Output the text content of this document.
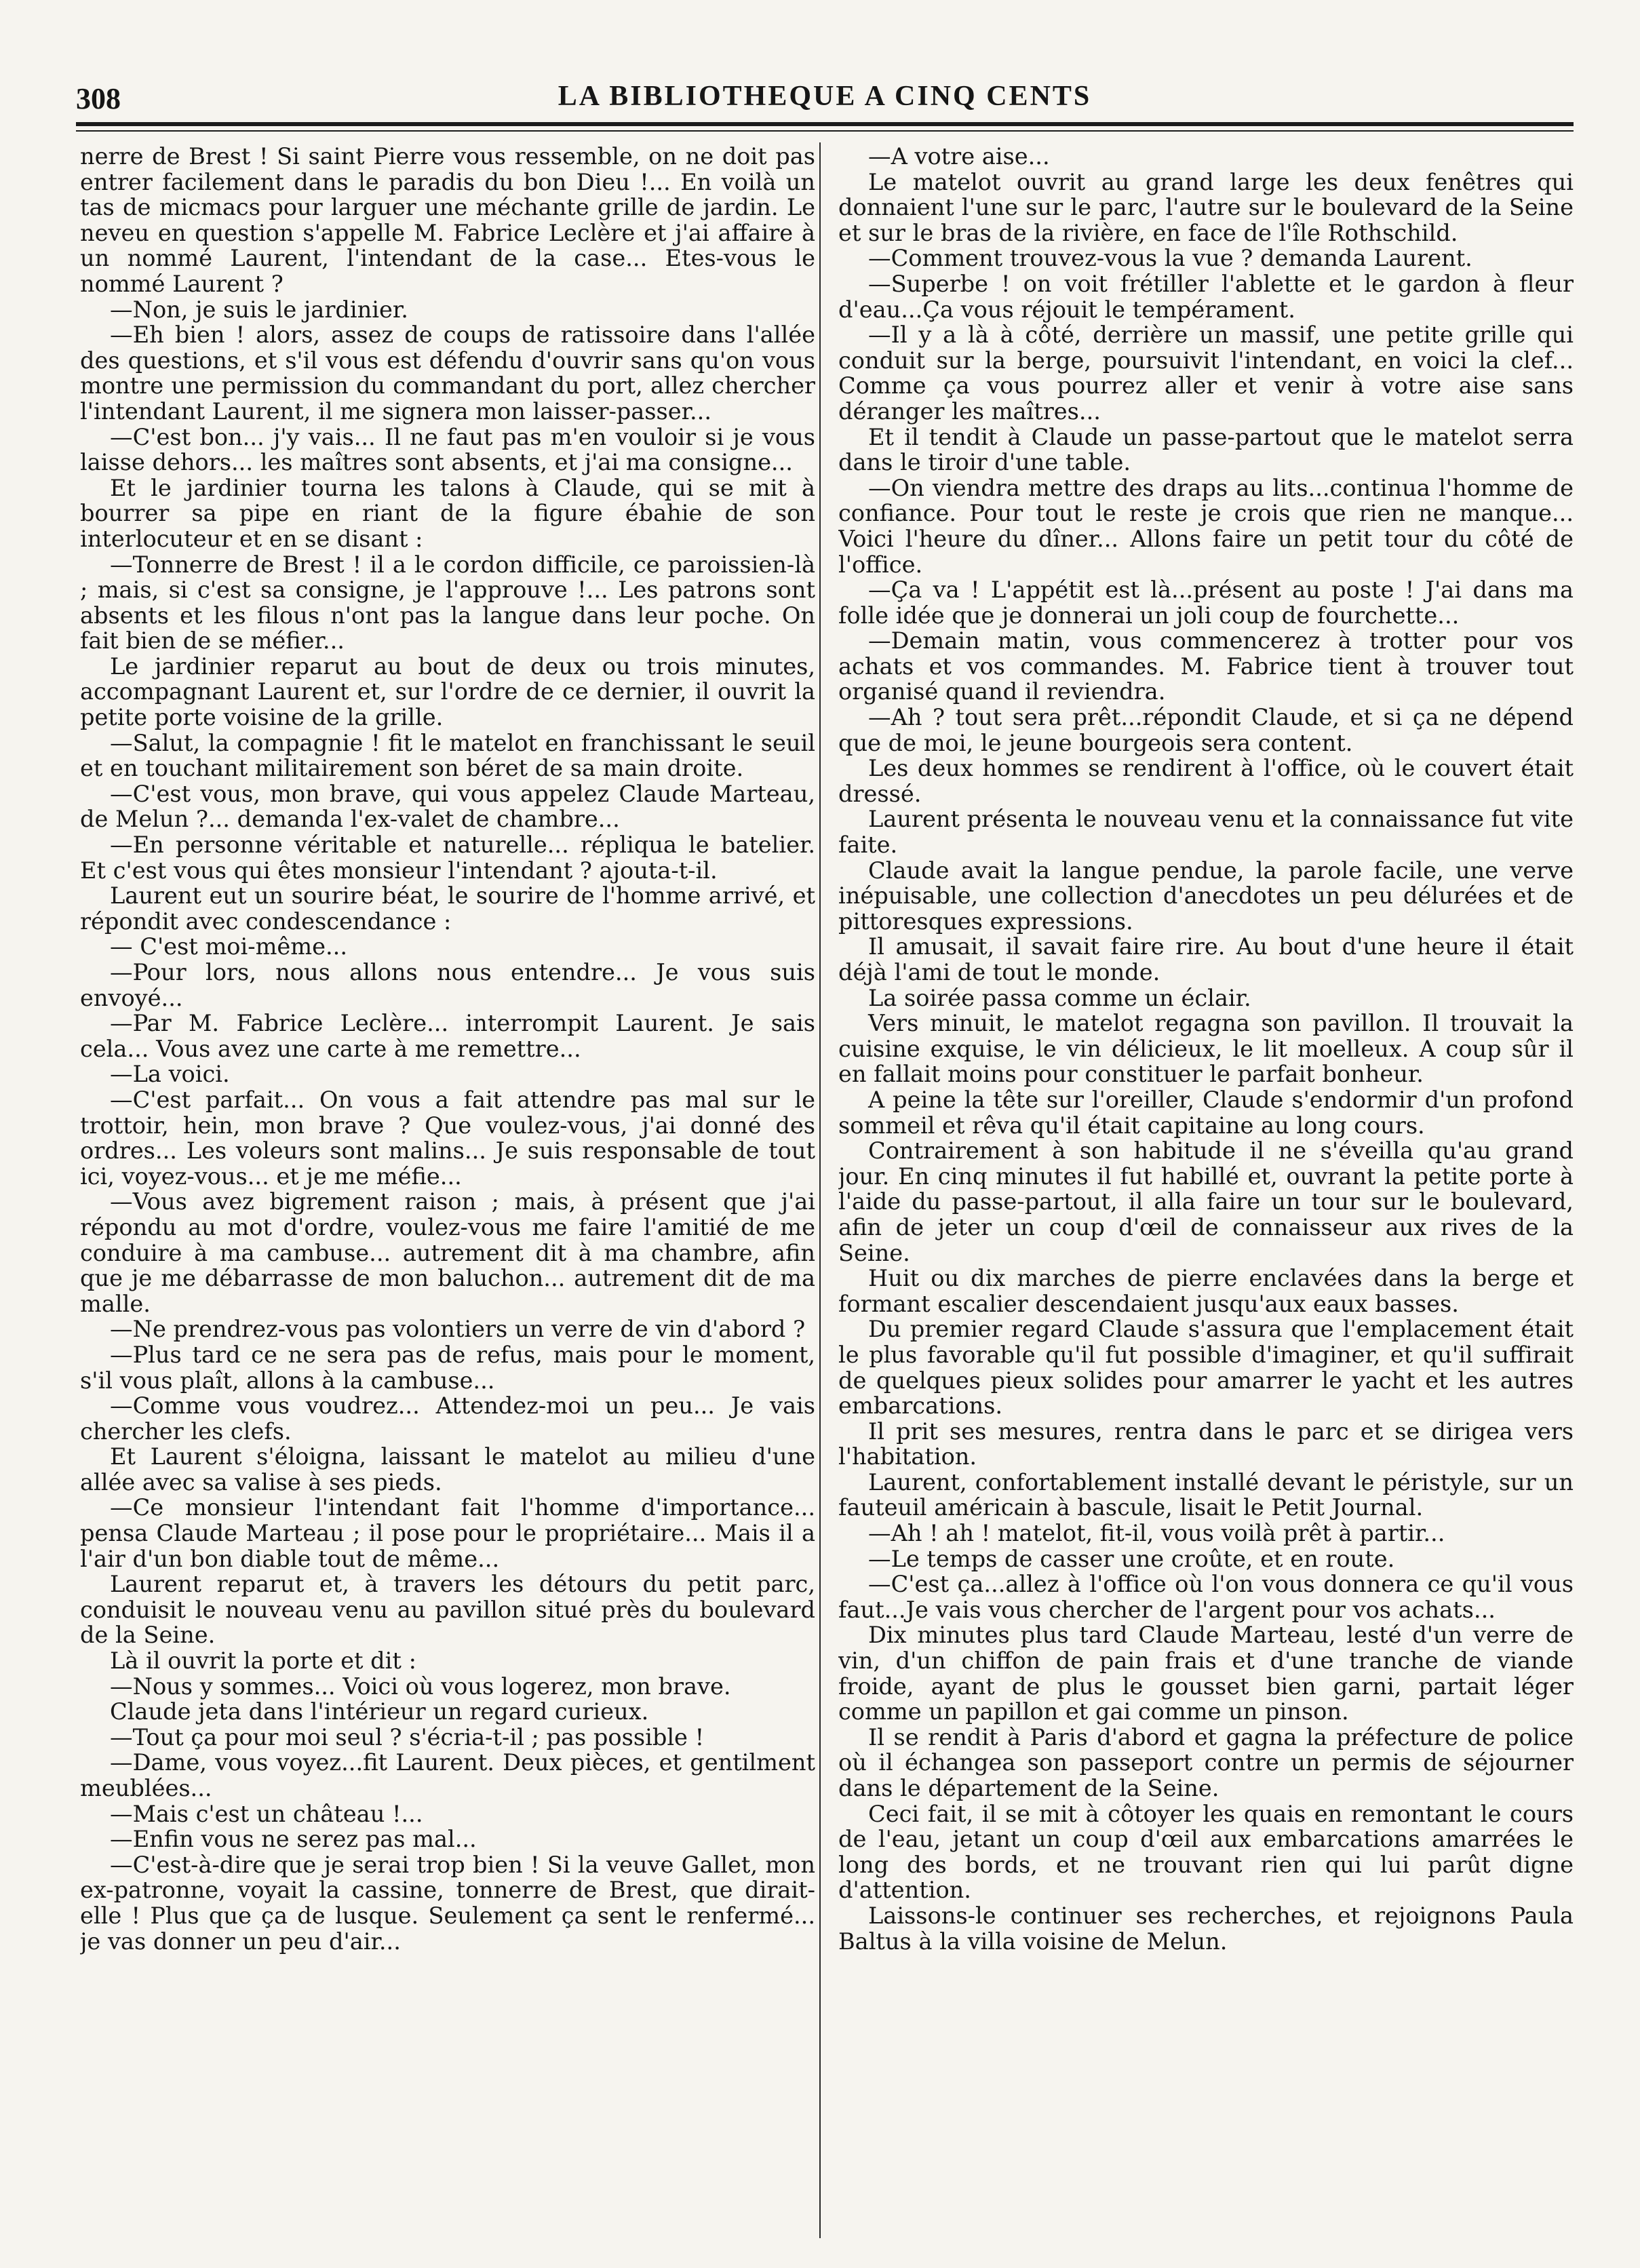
308	LA BIBLIOTHEQUE A CINQ CENTS

nerre de Brest ! Si saint Pierre vous ressemble, on ne doit pas entrer facilement dans le paradis du bon Dieu !... En voilà un tas de micmacs pour larguer une méchante grille de jardin. Le neveu en question s'appelle M. Fabrice Leclère et j'ai affaire à un nommé Laurent, l'intendant de la case... Etes-vous le nommé Laurent ?

—Non, je suis le jardinier.

—Eh bien ! alors, assez de coups de ratissoire dans l'allée des questions, et s'il vous est défendu d'ouvrir sans qu'on vous montre une permission du commandant du port, allez chercher l'intendant Laurent, il me signera mon laisser-passer...

—C'est bon... j'y vais... Il ne faut pas m'en vouloir si je vous laisse dehors... les maîtres sont absents, et j'ai ma consigne...

Et le jardinier tourna les talons à Claude, qui se mit à bourrer sa pipe en riant de la figure ébahie de son interlocuteur et en se disant :

—Tonnerre de Brest ! il a le cordon difficile, ce paroissien-là ; mais, si c'est sa consigne, je l'approuve !... Les patrons sont absents et les filous n'ont pas la langue dans leur poche. On fait bien de se méfier...

Le jardinier reparut au bout de deux ou trois minutes, accompagnant Laurent et, sur l'ordre de ce dernier, il ouvrit la petite porte voisine de la grille.

—Salut, la compagnie ! fit le matelot en franchissant le seuil et en touchant militairement son béret de sa main droite.

—C'est vous, mon brave, qui vous appelez Claude Marteau, de Melun ?... demanda l'ex-valet de chambre...

—En personne véritable et naturelle... répliqua le batelier. Et c'est vous qui êtes monsieur l'intendant ? ajouta-t-il.

Laurent eut un sourire béat, le sourire de l'homme arrivé, et répondit avec condescendance :

— C'est moi-même...

—Pour lors, nous allons nous entendre... Je vous suis envoyé...

—Par M. Fabrice Leclère... interrompit Laurent. Je sais cela... Vous avez une carte à me remettre...

—La voici.

—C'est parfait... On vous a fait attendre pas mal sur le trottoir, hein, mon brave ? Que voulez-vous, j'ai donné des ordres... Les voleurs sont malins... Je suis responsable de tout ici, voyez-vous... et je me méfie...

—Vous avez bigrement raison ; mais, à présent que j'ai répondu au mot d'ordre, voulez-vous me faire l'amitié de me conduire à ma cambuse... autrement dit à ma chambre, afin que je me débarrasse de mon baluchon... autrement dit de ma malle.

—Ne prendrez-vous pas volontiers un verre de vin d'abord ?

—Plus tard ce ne sera pas de refus, mais pour le moment, s'il vous plaît, allons à la cambuse...

—Comme vous voudrez... Attendez-moi un peu... Je vais chercher les clefs.

Et Laurent s'éloigna, laissant le matelot au milieu d'une allée avec sa valise à ses pieds.

—Ce monsieur l'intendant fait l'homme d'importance... pensa Claude Marteau ; il pose pour le propriétaire... Mais il a l'air d'un bon diable tout de même...

Laurent reparut et, à travers les détours du petit parc, conduisit le nouveau venu au pavillon situé près du boulevard de la Seine.

Là il ouvrit la porte et dit :

—Nous y sommes... Voici où vous logerez, mon brave.

Claude jeta dans l'intérieur un regard curieux.

—Tout ça pour moi seul ? s'écria-t-il ; pas possible !

—Dame, vous voyez...fit Laurent. Deux pièces, et gentilment meublées...

—Mais c'est un château !...

—Enfin vous ne serez pas mal...

—C'est-à-dire que je serai trop bien ! Si la veuve Gallet, mon ex-patronne, voyait la cassine, tonnerre de Brest, que dirait-elle ! Plus que ça de lusque. Seulement ça sent le renfermé... je vas donner un peu d'air...

—A votre aise...

Le matelot ouvrit au grand large les deux fenêtres qui donnaient l'une sur le parc, l'autre sur le boulevard de la Seine et sur le bras de la rivière, en face de l'île Rothschild.

—Comment trouvez-vous la vue ? demanda Laurent.

—Superbe ! on voit frétiller l'ablette et le gardon à fleur d'eau...Ça vous réjouit le tempérament.

—Il y a là à côté, derrière un massif, une petite grille qui conduit sur la berge, poursuivit l'intendant, en voici la clef... Comme ça vous pourrez aller et venir à votre aise sans déranger les maîtres...

Et il tendit à Claude un passe-partout que le matelot serra dans le tiroir d'une table.

—On viendra mettre des draps au lits...continua l'homme de confiance. Pour tout le reste je crois que rien ne manque... Voici l'heure du dîner... Allons faire un petit tour du côté de l'office.

—Ça va ! L'appétit est là...présent au poste ! J'ai dans ma folle idée que je donnerai un joli coup de fourchette...

—Demain matin, vous commencerez à trotter pour vos achats et vos commandes. M. Fabrice tient à trouver tout organisé quand il reviendra.

—Ah ? tout sera prêt...répondit Claude, et si ça ne dépend que de moi, le jeune bourgeois sera content.

Les deux hommes se rendirent à l'office, où le couvert était dressé.

Laurent présenta le nouveau venu et la connaissance fut vite faite.

Claude avait la langue pendue, la parole facile, une verve inépuisable, une collection d'anecdotes un peu délurées et de pittoresques expressions.

Il amusait, il savait faire rire. Au bout d'une heure il était déjà l'ami de tout le monde.

La soirée passa comme un éclair.

Vers minuit, le matelot regagna son pavillon. Il trouvait la cuisine exquise, le vin délicieux, le lit moelleux. A coup sûr il en fallait moins pour constituer le parfait bonheur.

A peine la tête sur l'oreiller, Claude s'endormir d'un profond sommeil et rêva qu'il était capitaine au long cours.

Contrairement à son habitude il ne s'éveilla qu'au grand jour. En cinq minutes il fut habillé et, ouvrant la petite porte à l'aide du passe-partout, il alla faire un tour sur le boulevard, afin de jeter un coup d'œil de connaisseur aux rives de la Seine.

Huit ou dix marches de pierre enclavées dans la berge et formant escalier descendaient jusqu'aux eaux basses.

Du premier regard Claude s'assura que l'emplacement était le plus favorable qu'il fut possible d'imaginer, et qu'il suffirait de quelques pieux solides pour amarrer le yacht et les autres embarcations.

Il prit ses mesures, rentra dans le parc et se dirigea vers l'habitation.

Laurent, confortablement installé devant le péristyle, sur un fauteuil américain à bascule, lisait le Petit Journal.

—Ah ! ah ! matelot, fit-il, vous voilà prêt à partir...

—Le temps de casser une croûte, et en route.

—C'est ça...allez à l'office où l'on vous donnera ce qu'il vous faut...Je vais vous chercher de l'argent pour vos achats...

Dix minutes plus tard Claude Marteau, lesté d'un verre de vin, d'un chiffon de pain frais et d'une tranche de viande froide, ayant de plus le gousset bien garni, partait léger comme un papillon et gai comme un pinson.

Il se rendit à Paris d'abord et gagna la préfecture de police où il échangea son passeport contre un permis de séjourner dans le département de la Seine.

Ceci fait, il se mit à côtoyer les quais en remontant le cours de l'eau, jetant un coup d'œil aux embarcations amarrées le long des bords, et ne trouvant rien qui lui parût digne d'attention.

Laissons-le continuer ses recherches, et rejoignons Paula Baltus à la villa voisine de Melun.
